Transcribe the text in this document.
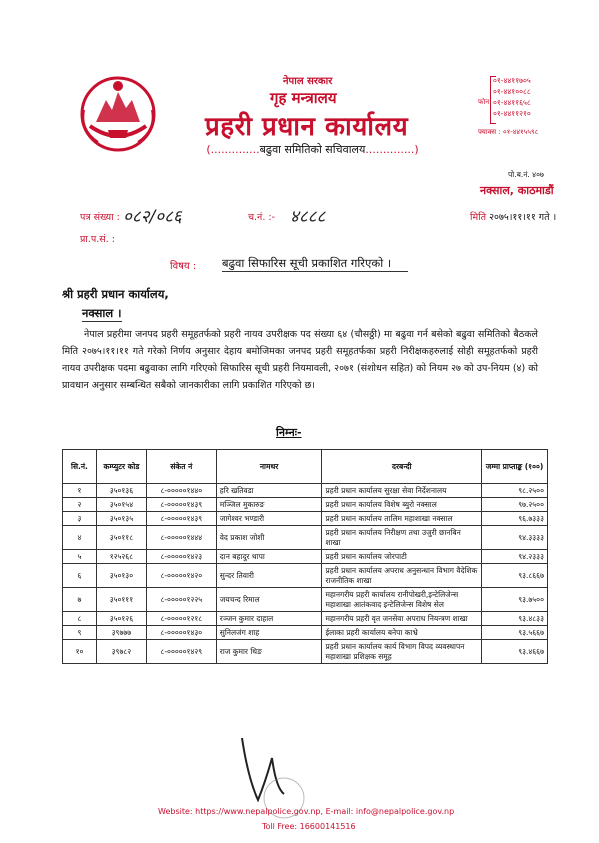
नेपाल सरकार
गृह मन्त्रालय
प्रहरी प्रधान कार्यालय
(..............बढुवा समितिको सचिवालय..............)
फोन
०१-४४११७०५
०१-४४१००८८
०१-४४११६५८
०१-४४११२१०
फ्याक्स : ०१-४४१५५९८
पो.ब.नं. ४०७
नक्साल, काठमाडौं
पत्र संख्या : ०८२/०८६	च.नं. :- ४८८८	मिति २०७५।११।११ गते ।
प्रा.प.सं. :
विषय : बढुवा सिफारिस सूची प्रकाशित गरिएको ।
श्री प्रहरी प्रधान कार्यालय,
नक्साल ।
नेपाल प्रहरीमा जनपद प्रहरी समूहतर्फको प्रहरी नायव उपरीक्षक पद संख्या ६४ (चौसठ्ठी) मा बढुवा गर्न बसेको बढुवा समितिको बैठकले मिति २०७५।११।११ गते गरेको निर्णय अनुसार देहाय बमोजिमका जनपद प्रहरी समूहतर्फका प्रहरी निरीक्षकहरुलाई सोही समूहतर्फको प्रहरी नायव उपरीक्षक पदमा बढुवाका लागि गरिएको सिफारिस सूची प्रहरी नियमावली, २०७१ (संशोधन सहित) को नियम २७ को उप-नियम (४) को प्रावधान अनुसार सम्बन्धित सबैको जानकारीका लागि प्रकाशित गरिएको छ।
निम्नः-
सि.नं.	कम्प्युटर कोड	संकेत नं	नामथर	दरबन्दी	जम्मा प्राप्ताङ्क (१००)
१	३५०१३६	८-०००००१४४०	हरि खतिवडा	प्रहरी प्रधान कार्यालय सुरक्षा सेवा निर्देशनालय	९८.२५००
२	३५०१५४	८-०००००१४३९	मञ्जिल मुकारुङ	प्रहरी प्रधान कार्यालय विशेष ब्युरो नक्साल	९७.२५००
३	३५०१३५	८-०००००१४३९	जागेश्वर भण्डारी	प्रहरी प्रधान कार्यालय तालिम महाशाखा नक्साल	९६.७३३३
४	३५०११८	८-०००००१४४४	वेद प्रकाश जोशी	प्रहरी प्रधान कार्यालय निरीक्षण तथा उजुरी छानबिन शाखा	९४.३३३३
५	१२५२६८	८-०००००१४२३	दान बहादुर थापा	प्रहरी प्रधान कार्यालय जोरपाटी	९४.२३३३
६	३५०१३०	८-०००००१४२०	सुन्दर तिवारी	प्रहरी प्रधान कार्यालय अपराध अनुसन्धान विभाग वैदेशिक राजनीतिक शाखा	९३.८६६७
७	३५०१११	८-०००००१२२५	जयचन्द रिमाल	महानगरीय प्रहरी कार्यालय रानीपोखरी,इन्टेलिजेन्स महाशाखा आतंकवाद इन्टेलिजेन्स विशेष सेल	९३.७५००
८	३५०१२६	८-०००००१२१८	रञ्जन कुमार दाहाल	महानगरीय प्रहरी वृत जनसेवा अपराध नियन्त्रण शाखा	९३.४८३३
९	३९७७७	८-०००००१४३०	सुनिलजंग शाह	ईलाका प्रहरी कार्यालय बनेपा काभ्रे	९३.५६६७
१०	३९७८२	८-०००००१४२९	राज कुमार थिङ	प्रहरी प्रधान कार्यालय कार्य विभाग विपद व्यवस्थापन महाशाखा प्रशिक्षक समूह	९३.४६६७
Website: https://www.nepalpolice.gov.np, E-mail: info@nepalpolice.gov.np
Toll Free: 16600141516
